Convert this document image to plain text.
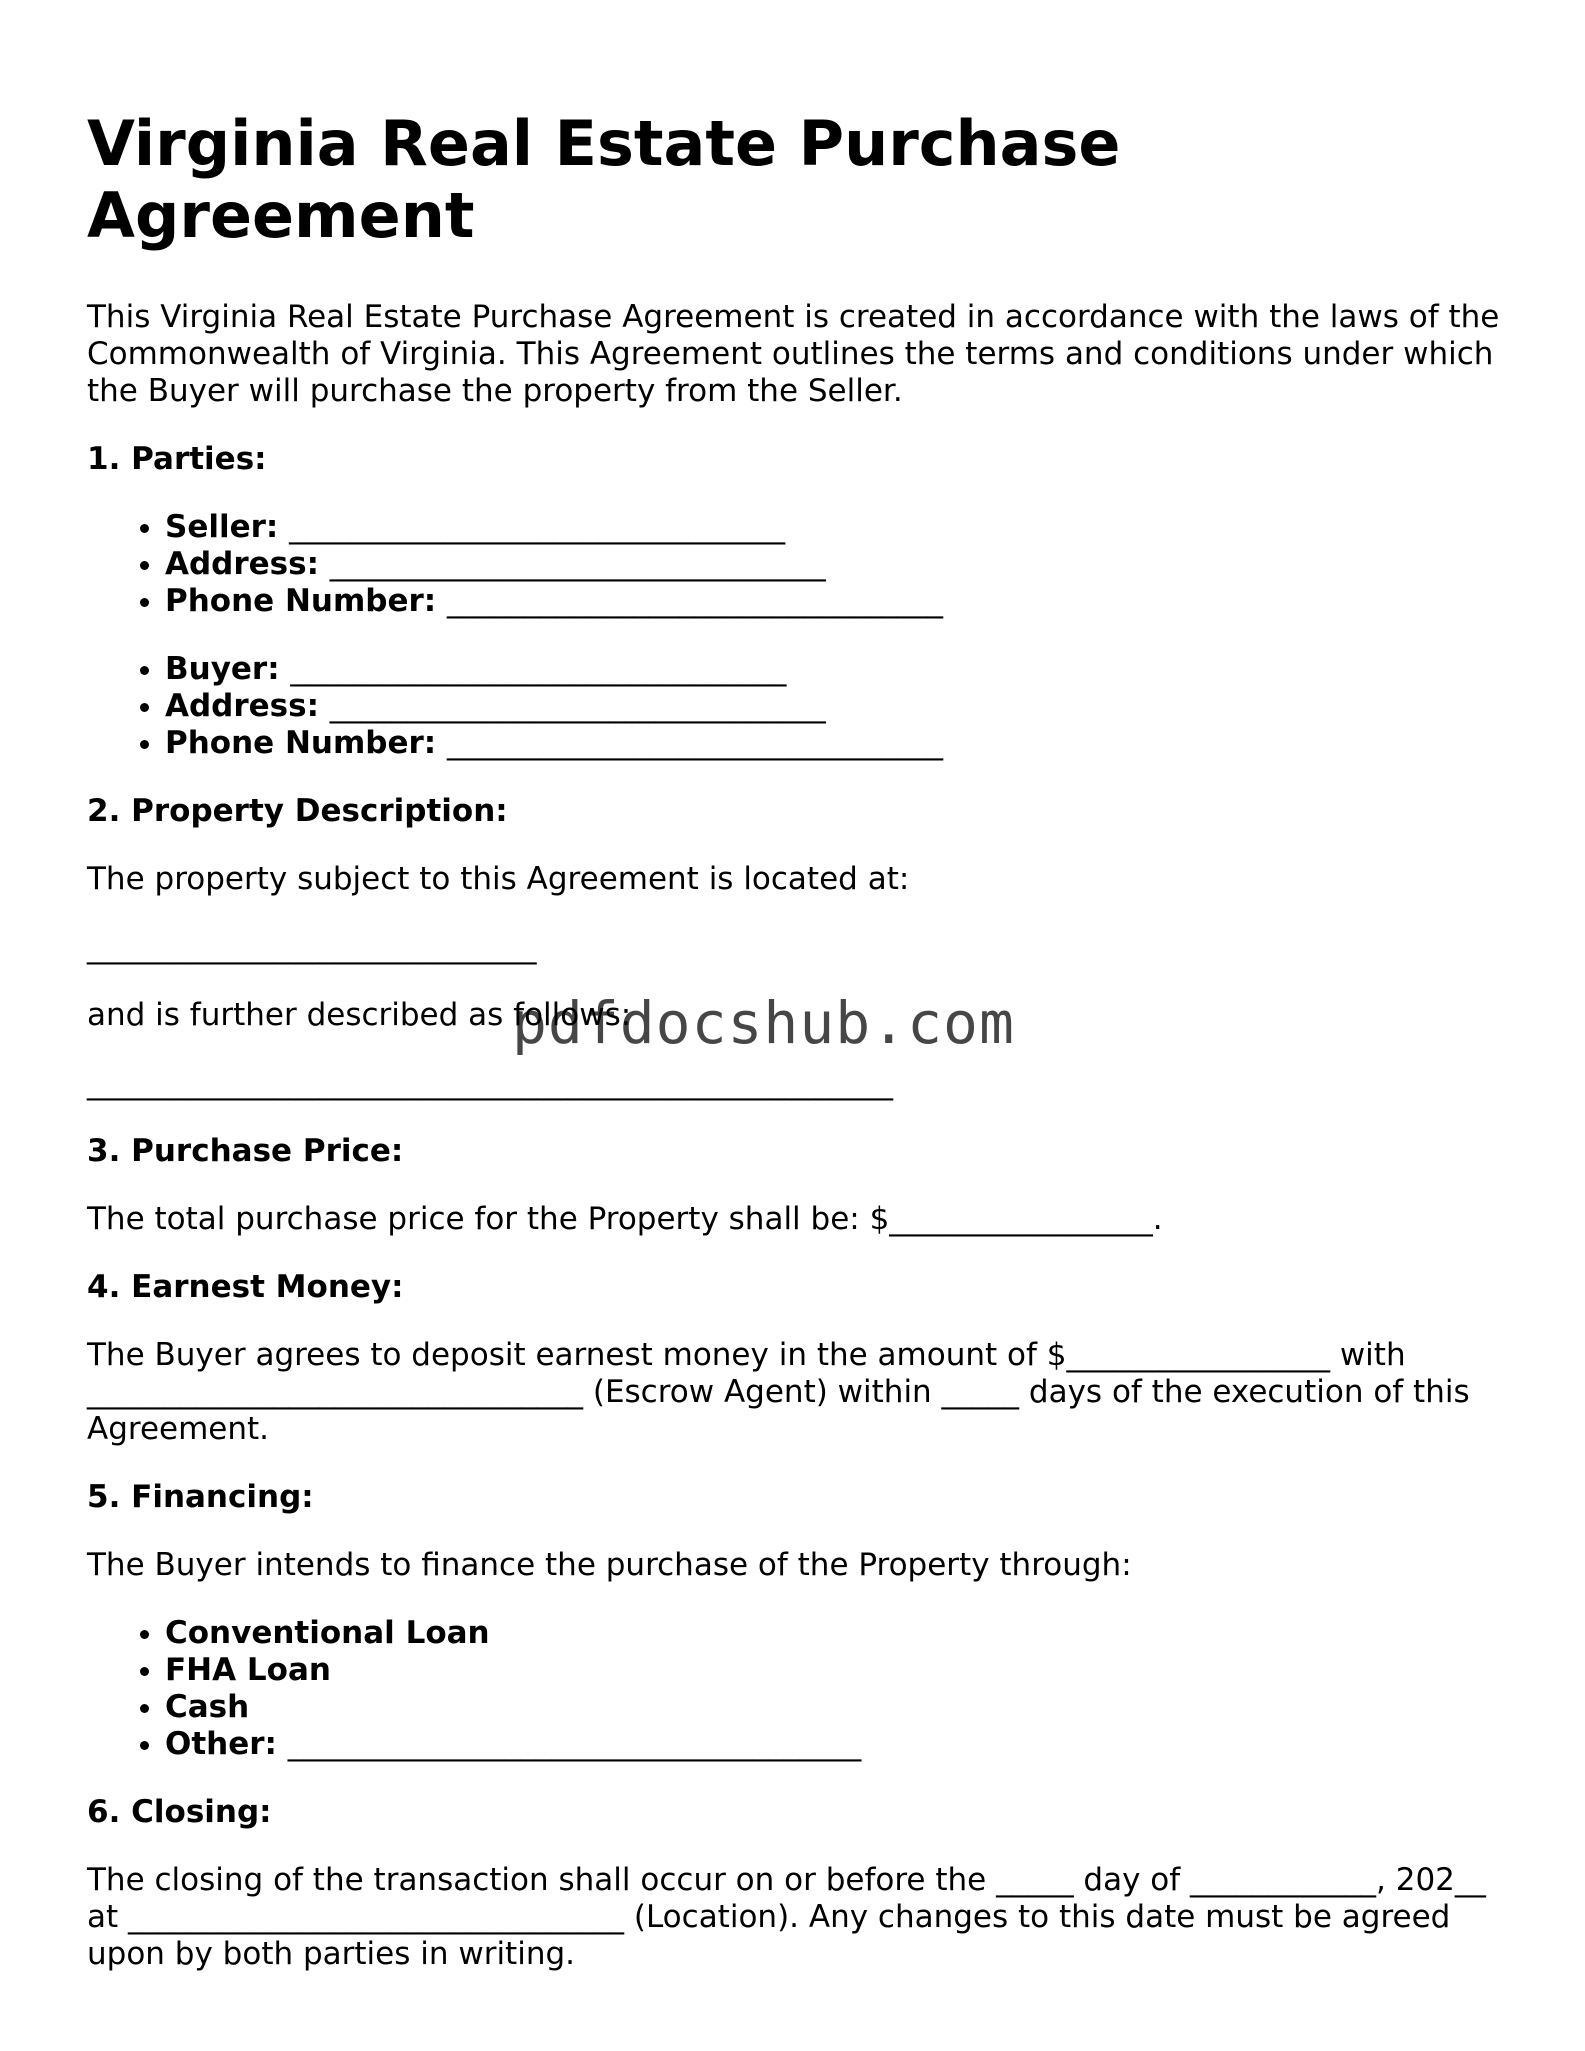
Virginia Real Estate Purchase Agreement

This Virginia Real Estate Purchase Agreement is created in accordance with the laws of the Commonwealth of Virginia. This Agreement outlines the terms and conditions under which the Buyer will purchase the property from the Seller.

1. Parties:
• Seller: ________________________________
• Address: ________________________________
• Phone Number: ________________________________
• Buyer: ________________________________
• Address: ________________________________
• Phone Number: ________________________________
2. Property Description:

The property subject to this Agreement is located at:

_____________________________

and is further described as follows:

____________________________________________________

3. Purchase Price:

The total purchase price for the Property shall be: $_________________.

4. Earnest Money:

The Buyer agrees to deposit earnest money in the amount of $_________________ with ________________________________ (Escrow Agent) within _____ days of the execution of this Agreement.

5. Financing:

The Buyer intends to finance the purchase of the Property through:

• Conventional Loan
• FHA Loan
• Cash
• Other: _____________________________________
6. Closing:

The closing of the transaction shall occur on or before the _____ day of ____________, 202__ at ________________________________ (Location). Any changes to this date must be agreed upon by both parties in writing.

pdfdocshub.com
